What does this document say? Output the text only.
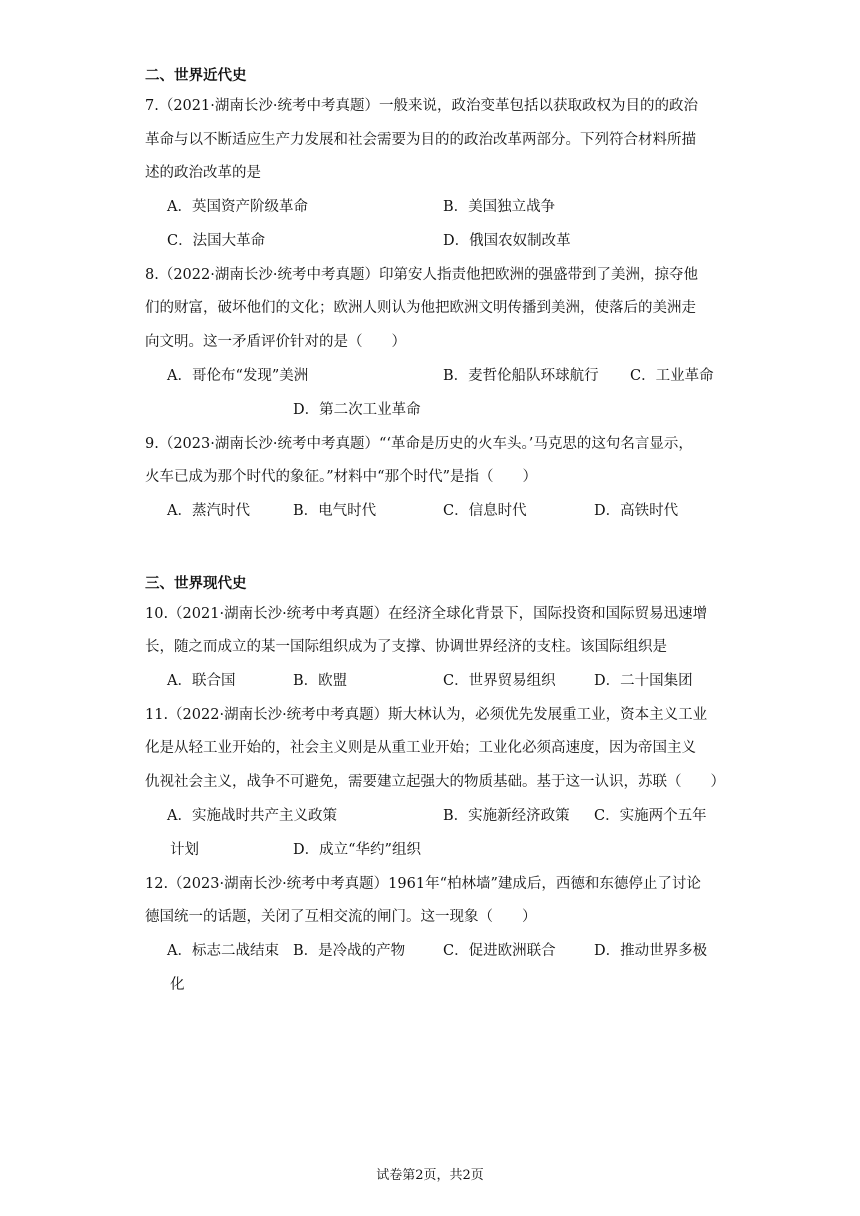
二、世界近代史
7.（2021·湖南长沙·统考中考真题）一般来说，政治变革包括以获取政权为目的的政治
革命与以不断适应生产力发展和社会需要为目的的政治改革两部分。下列符合材料所描
述的政治改革的是
A．英国资产阶级革命	B．美国独立战争
C．法国大革命	D．俄国农奴制改革
8.（2022·湖南长沙·统考中考真题）印第安人指责他把欧洲的强盛带到了美洲，掠夺他
们的财富，破坏他们的文化；欧洲人则认为他把欧洲文明传播到美洲，使落后的美洲走
向文明。这一矛盾评价针对的是（　　）
A．哥伦布“发现”美洲	B．麦哲伦船队环球航行 C．工业革命
D．第二次工业革命
9.（2023·湖南长沙·统考中考真题）“‘革命是历史的火车头。’马克思的这句名言显示，
火车已成为那个时代的象征。”材料中“那个时代”是指（　　）
A．蒸汽时代	B．电气时代	C．信息时代	D．高铁时代
三、世界现代史
10.（2021·湖南长沙·统考中考真题）在经济全球化背景下，国际投资和国际贸易迅速增
长，随之而成立的某一国际组织成为了支撑、协调世界经济的支柱。该国际组织是
A．联合国	B．欧盟	C．世界贸易组织	D．二十国集团
11.（2022·湖南长沙·统考中考真题）斯大林认为，必须优先发展重工业，资本主义工业
化是从轻工业开始的，社会主义则是从重工业开始；工业化必须高速度，因为帝国主义
仇视社会主义，战争不可避免，需要建立起强大的物质基础。基于这一认识，苏联（　　）
A．实施战时共产主义政策	B．实施新经济政策 C．实施两个五年
计划	D．成立“华约”组织
12.（2023·湖南长沙·统考中考真题）1961年“柏林墙”建成后，西德和东德停止了讨论
德国统一的话题，关闭了互相交流的闸门。这一现象（　　）
A．标志二战结束 B．是冷战的产物	C．促进欧洲联合	D．推动世界多极
化
试卷第2页，共2页
